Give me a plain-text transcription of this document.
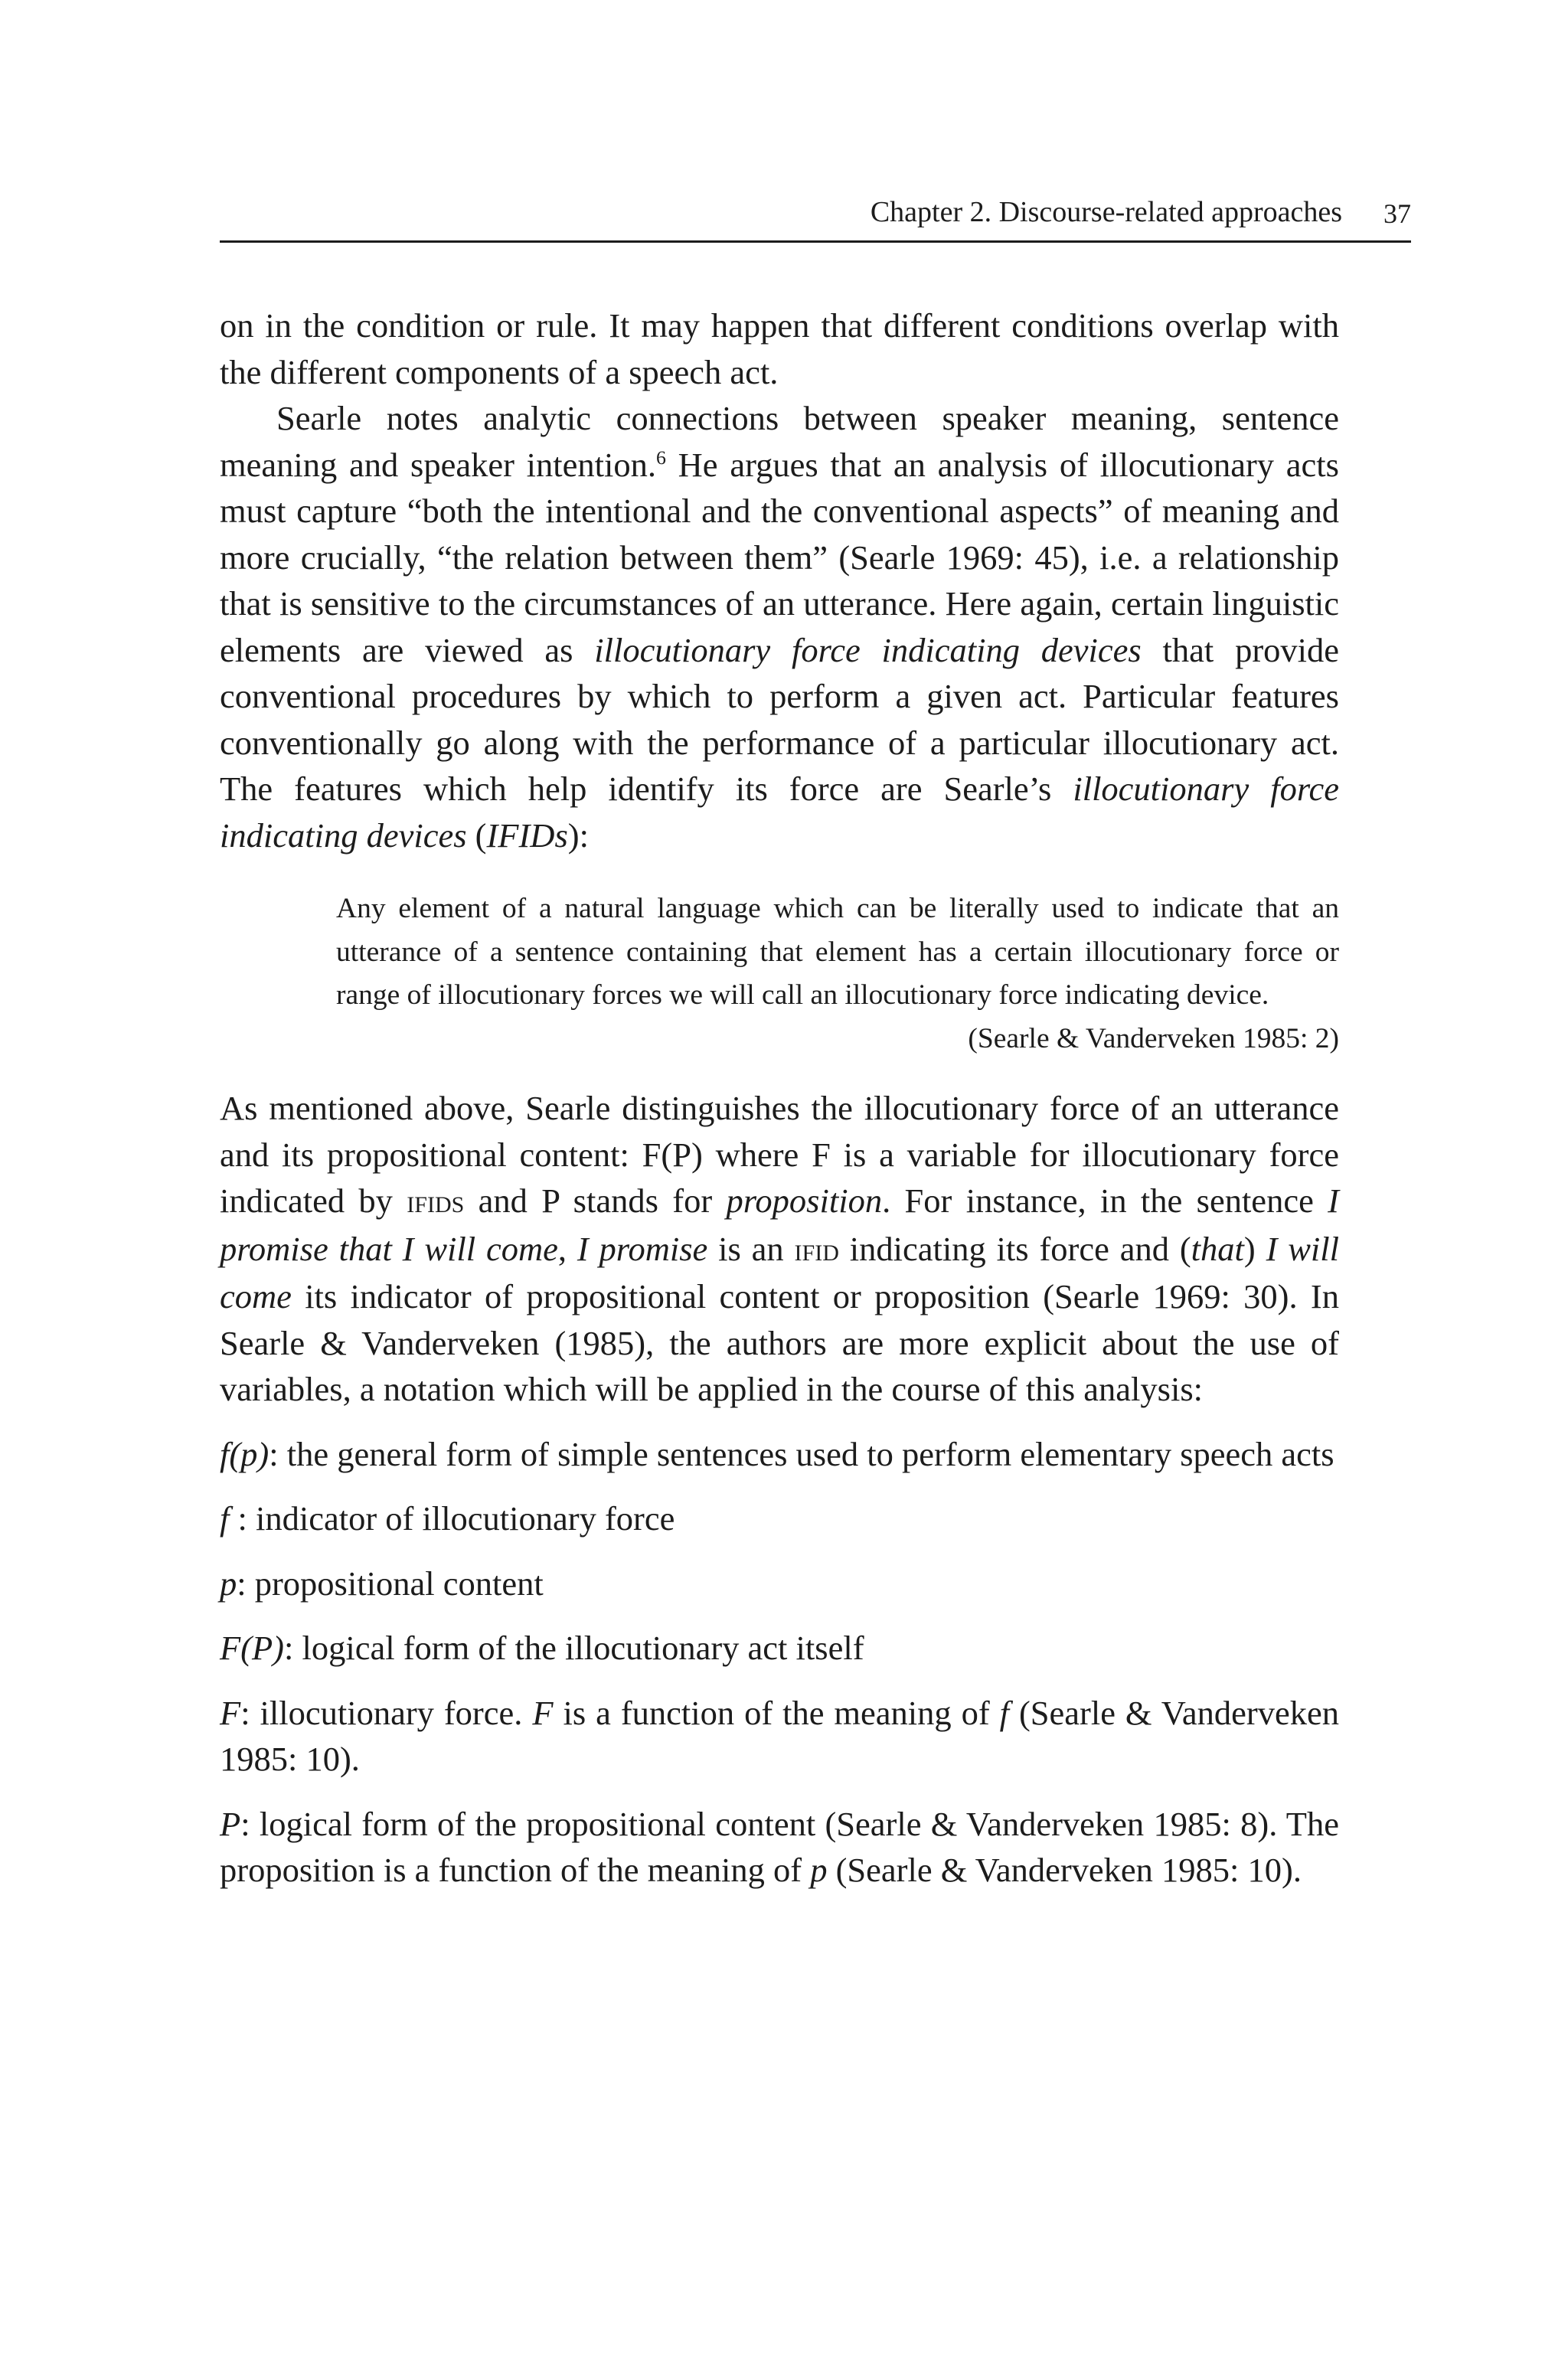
Chapter 2. Discourse-related approaches 37

on in the condition or rule. It may happen that different conditions overlap with the different components of a speech act.

Searle notes analytic connections between speaker meaning, sentence meaning and speaker intention.$^6$ He argues that an analysis of illocutionary acts must capture “both the intentional and the conventional aspects” of meaning and more crucially, “the relation between them” (Searle 1969: 45), i.e. a relationship that is sensitive to the circumstances of an utterance. Here again, certain linguistic elements are viewed as illocutionary force indicating devices that provide conventional procedures by which to perform a given act. Particular features conventionally go along with the performance of a particular illocutionary act. The features which help identify its force are Searle’s illocutionary force indicating devices (IFIDs):

Any element of a natural language which can be literally used to indicate that an utterance of a sentence containing that element has a certain illocutionary force or range of illocutionary forces we will call an illocutionary force indicating device.
(Searle & Vanderveken 1985: 2)

As mentioned above, Searle distinguishes the illocutionary force of an utterance and its propositional content: F(P) where F is a variable for illocutionary force indicated by ifids and P stands for proposition. For instance, in the sentence I promise that I will come, I promise is an ifid indicating its force and (that) I will come its indicator of propositional content or proposition (Searle 1969: 30). In Searle & Vanderveken (1985), the authors are more explicit about the use of variables, a notation which will be applied in the course of this analysis:

f(p): the general form of simple sentences used to perform elementary speech acts

f : indicator of illocutionary force

p: propositional content

F(P): logical form of the illocutionary act itself

F: illocutionary force. F is a function of the meaning of f (Searle & Vanderveken 1985: 10).

P: logical form of the propositional content (Searle & Vanderveken 1985: 8). The proposition is a function of the meaning of p (Searle & Vanderveken 1985: 10).
